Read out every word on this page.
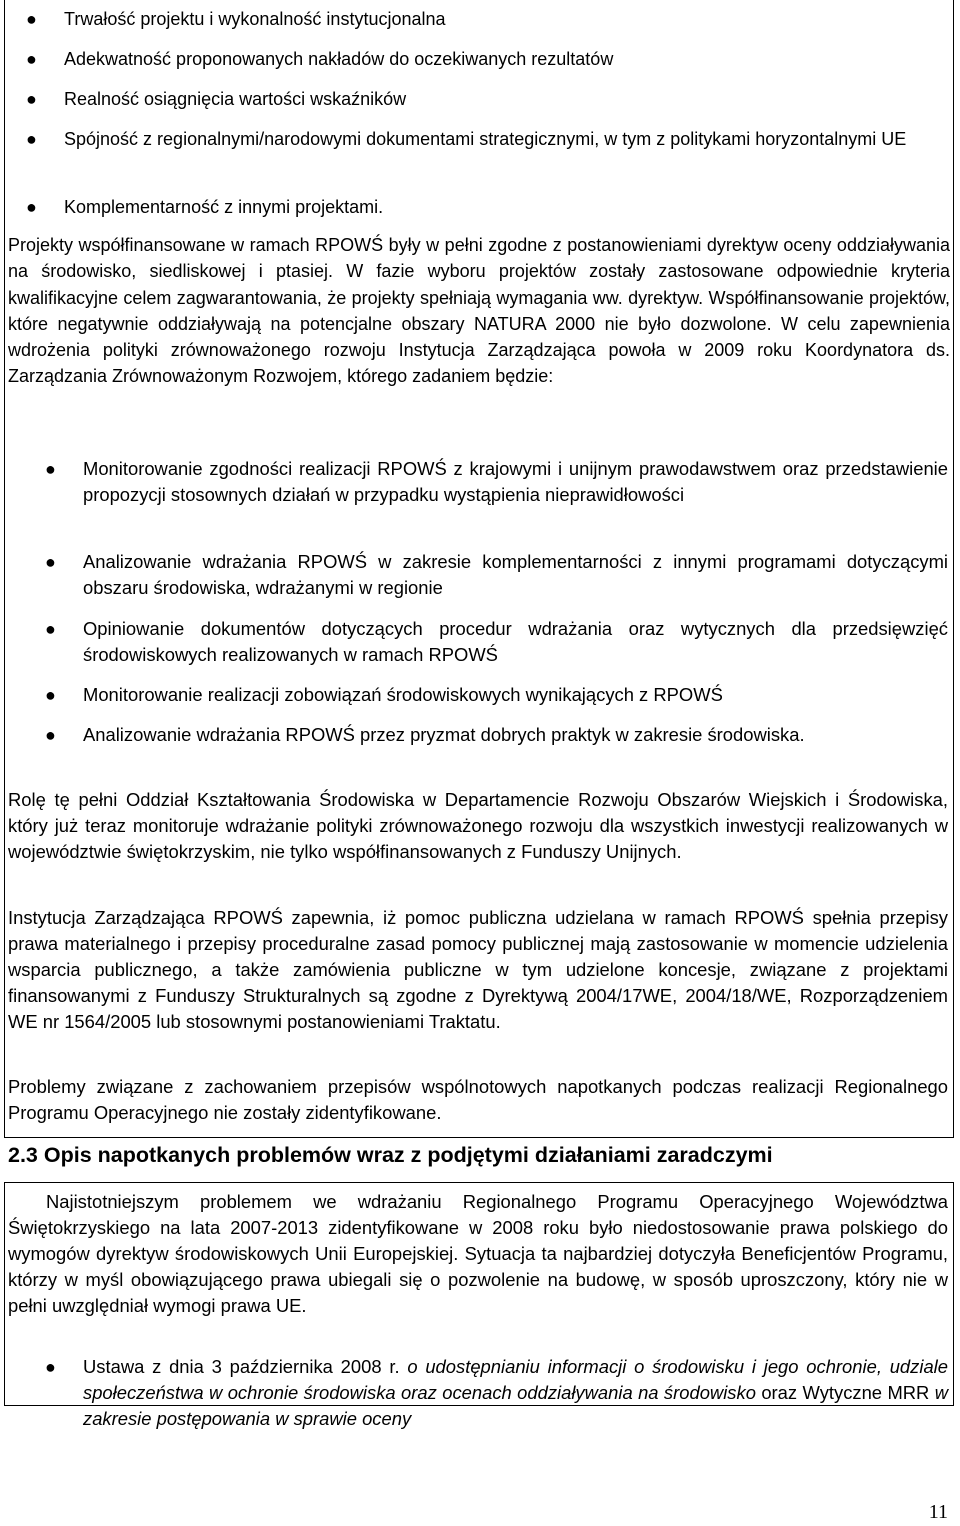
● Trwałość projektu i wykonalność instytucjonalna
● Adekwatność proponowanych nakładów do oczekiwanych rezultatów
● Realność osiągnięcia wartości wskaźników
● Spójność z regionalnymi/narodowymi dokumentami strategicznymi, w tym z politykami horyzontalnymi UE
● Komplementarność z innymi projektami.
Projekty współfinansowane w ramach RPOWŚ były w pełni zgodne z postanowieniami dyrektyw oceny oddziaływania na środowisko, siedliskowej i ptasiej. W fazie wyboru projektów zostały zastosowane odpowiednie kryteria kwalifikacyjne celem zagwarantowania, że projekty spełniają wymagania ww. dyrektyw. Współfinansowanie projektów, które negatywnie oddziaływają na potencjalne obszary NATURA 2000 nie było dozwolone. W celu zapewnienia wdrożenia polityki zrównoważonego rozwoju Instytucja Zarządzająca powoła w 2009 roku Koordynatora ds. Zarządzania Zrównoważonym Rozwojem, którego zadaniem będzie:
● Monitorowanie zgodności realizacji RPOWŚ z krajowymi i unijnym prawodawstwem oraz przedstawienie propozycji stosownych działań w przypadku wystąpienia nieprawidłowości
● Analizowanie wdrażania RPOWŚ w zakresie komplementarności z innymi programami dotyczącymi obszaru środowiska, wdrażanymi w regionie
● Opiniowanie dokumentów dotyczących procedur wdrażania oraz wytycznych dla przedsięwzięć środowiskowych realizowanych w ramach RPOWŚ
● Monitorowanie realizacji zobowiązań środowiskowych wynikających z RPOWŚ
● Analizowanie wdrażania RPOWŚ przez pryzmat dobrych praktyk w zakresie środowiska.
Rolę tę pełni Oddział Kształtowania Środowiska w Departamencie Rozwoju Obszarów Wiejskich i Środowiska, który już teraz monitoruje wdrażanie polityki zrównoważonego rozwoju dla wszystkich inwestycji realizowanych w województwie świętokrzyskim, nie tylko współfinansowanych z Funduszy Unijnych.
Instytucja Zarządzająca RPOWŚ zapewnia, iż pomoc publiczna udzielana w ramach RPOWŚ spełnia przepisy prawa materialnego i przepisy proceduralne zasad pomocy publicznej mają zastosowanie w momencie udzielenia wsparcia publicznego, a także zamówienia publiczne w tym udzielone koncesje, związane z projektami finansowanymi z Funduszy Strukturalnych są zgodne z Dyrektywą 2004/17WE, 2004/18/WE, Rozporządzeniem WE nr 1564/2005 lub stosownymi postanowieniami Traktatu.
Problemy związane z zachowaniem przepisów wspólnotowych napotkanych podczas realizacji Regionalnego Programu Operacyjnego nie zostały zidentyfikowane.
2.3 Opis napotkanych problemów wraz z podjętymi działaniami zaradczymi
Najistotniejszym problemem we wdrażaniu Regionalnego Programu Operacyjnego Województwa Świętokrzyskiego na lata 2007-2013 zidentyfikowane w 2008 roku było niedostosowanie prawa polskiego do wymogów dyrektyw środowiskowych Unii Europejskiej. Sytuacja ta najbardziej dotyczyła Beneficjentów Programu, którzy w myśl obowiązującego prawa ubiegali się o pozwolenie na budowę, w sposób uproszczony, który nie w pełni uwzględniał wymogi prawa UE.
● Ustawa z dnia 3 października 2008 r. o udostępnianiu informacji o środowisku i jego ochronie, udziale społeczeństwa w ochronie środowiska oraz ocenach oddziaływania na środowisko oraz Wytyczne MRR w zakresie postępowania w sprawie oceny
11
